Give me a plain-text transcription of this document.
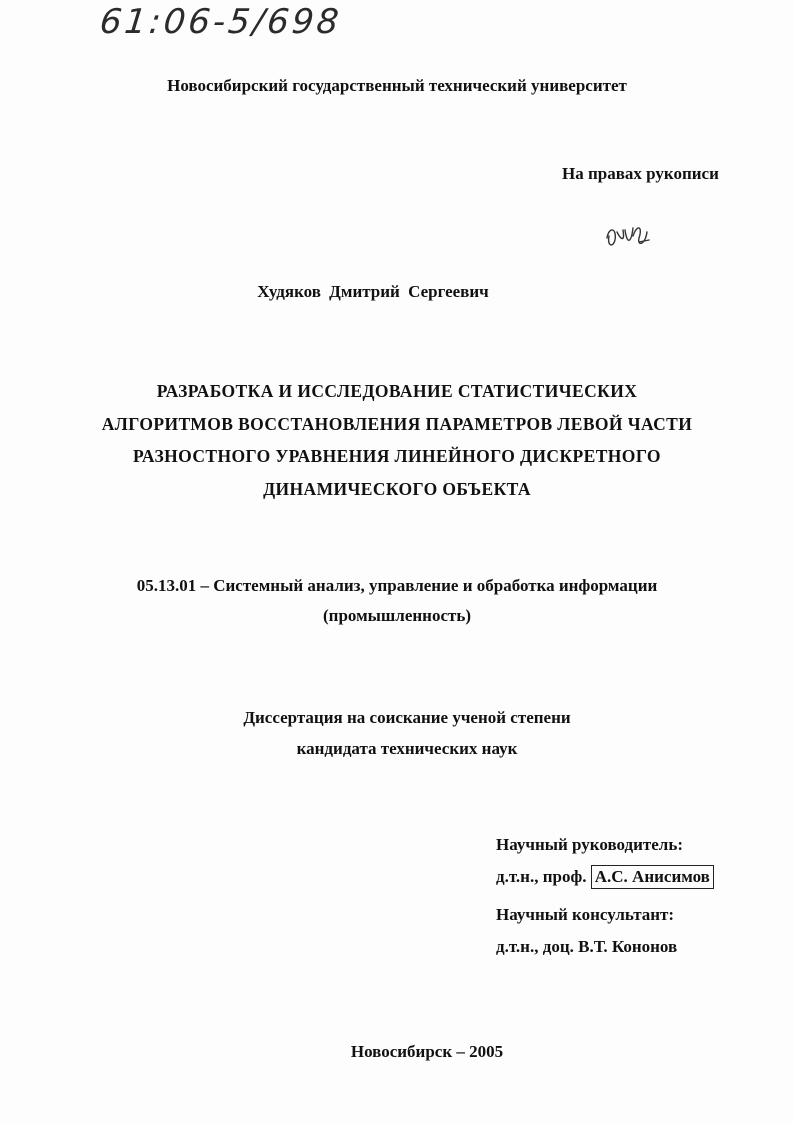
61:06-5/698
Новосибирский государственный технический университет
На правах рукописи
Худяков Дмитрий Сергеевич
РАЗРАБОТКА И ИССЛЕДОВАНИЕ СТАТИСТИЧЕСКИХ
АЛГОРИТМОВ ВОССТАНОВЛЕНИЯ ПАРАМЕТРОВ ЛЕВОЙ ЧАСТИ
РАЗНОСТНОГО УРАВНЕНИЯ ЛИНЕЙНОГО ДИСКРЕТНОГО
ДИНАМИЧЕСКОГО ОБЪЕКТА
05.13.01 – Системный анализ, управление и обработка информации
(промышленность)
Диссертация на соискание ученой степени
кандидата технических наук
Научный руководитель:
д.т.н., проф. А.С. Анисимов
Научный консультант:
д.т.н., доц. В.Т. Кононов
Новосибирск – 2005
